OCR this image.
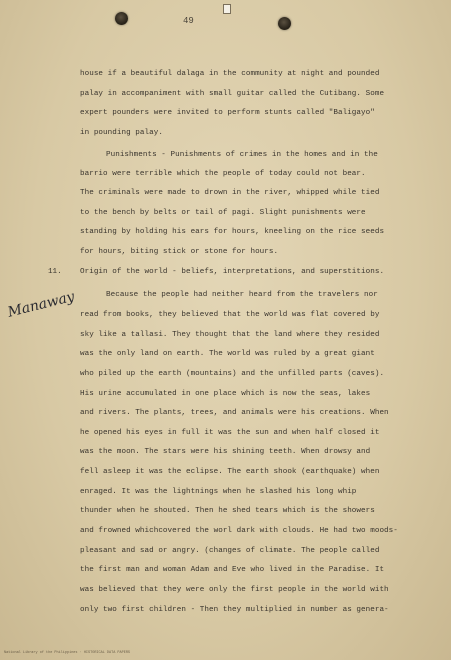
49
Manaway
house if a beautiful dalaga in the community at night and pounded
palay in accompaniment with small guitar called the Cutibang. Some
expert pounders were invited to perform stunts called "Baligayo"
in pounding palay.
Punishments - Punishments of crimes in the homes and in the
barrio were terrible which the people of today could not bear.
The criminals were made to drown in the river, whipped while tied
to the bench by belts or tail of pagi. Slight punishments were
standing by holding his ears for hours, kneeling on the rice seeds
for hours, biting stick or stone for hours.
11. Origin of the world - beliefs, interpretations, and superstitions.
Because the people had neither heard from the travelers nor
read from books, they believed that the world was flat covered by
sky like a tallasi. They thought that the land where they resided
was the only land on earth. The world was ruled by a great giant
who piled up the earth (mountains) and the unfilled parts (caves).
His urine accumulated in one place which is now the seas, lakes
and rivers. The plants, trees, and animals were his creations. When
he opened his eyes in full it was the sun and when half closed it
was the moon. The stars were his shining teeth. When drowsy and
fell asleep it was the eclipse. The earth shook (earthquake) when
enraged. It was the lightnings when he slashed his long whip
thunder when he shouted. Then he shed tears which is the showers
and frowned whichcovered the worl dark with clouds. He had two moods-
pleasant and sad or angry. (changes of climate. The people called
the first man and woman Adam and Eve who lived in the Paradise. It
was believed that they were only the first people in the world with
only two first children - Then they multiplied in number as genera-
National Library of the Philippines · HISTORICAL DATA PAPERS
